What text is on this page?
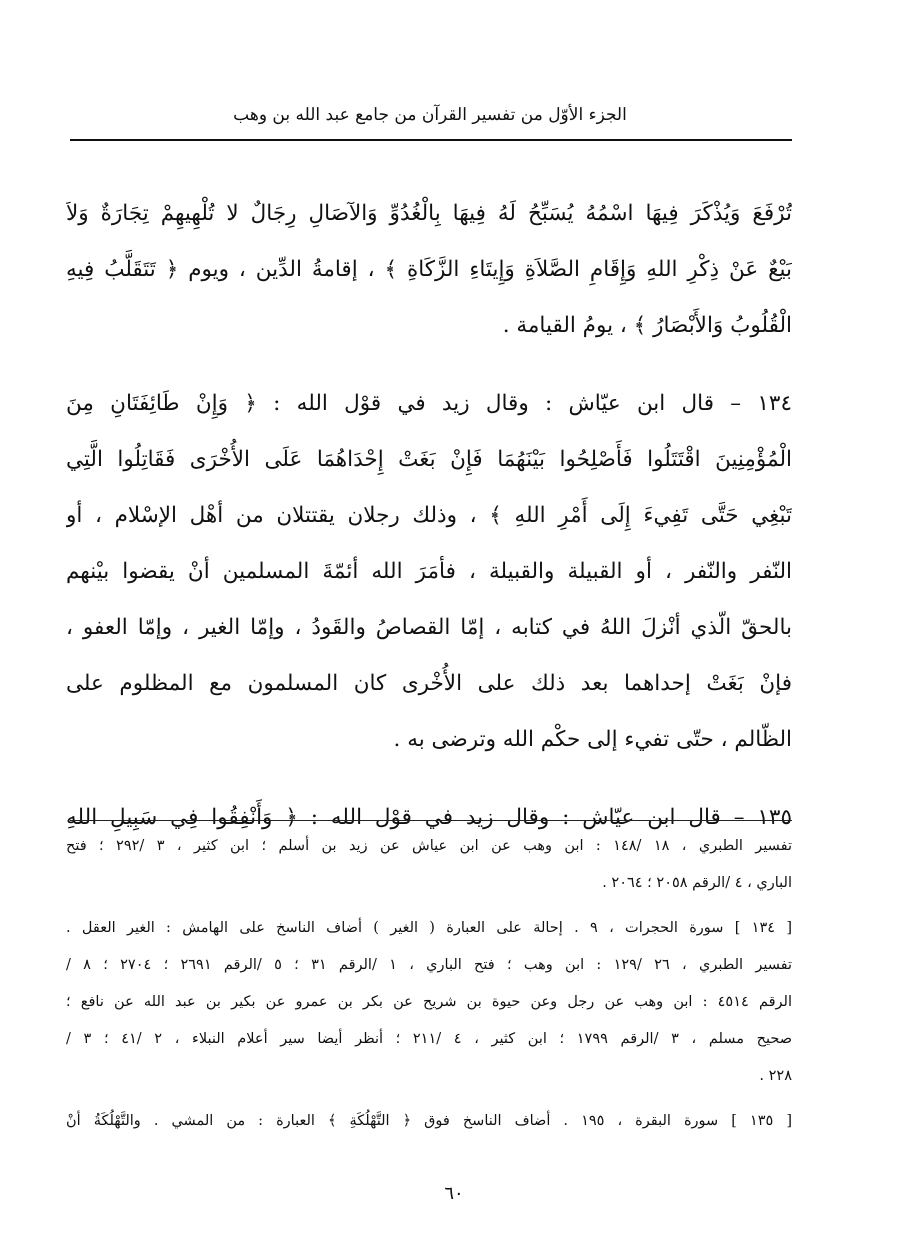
الجزء الأوّل من تفسير القرآن من جامع عبد الله بن وهب
تُرْفَعَ وَيُذْكَرَ فِيهَا اسْمُهُ يُسَبِّحُ لَهُ فِيهَا بِالْغُدُوِّ وَالآصَالِ رِجَالٌ لا تُلْهِيهِمْ تِجَارَةٌ وَلاَ
بَيْعٌ عَنْ ذِكْرِ اللهِ وَإِقَامِ الصَّلاَةِ وَإِيتَاءِ الزَّكَاةِ ﴾ ، إقامةُ الدِّين ، ويوم ﴿ تَتَقَلَّبُ فِيهِ
الْقُلُوبُ وَالأَبْصَارُ ﴾ ، يومُ القيامة .
١٣٤ – قال ابن عيّاش : وقال زيد في قوْل الله : ﴿ وَإِنْ طَائِفَتَانِ مِنَ
الْمُؤْمِنِينَ اقْتَتَلُوا فَأَصْلِحُوا بَيْنَهُمَا فَإِنْ بَغَتْ إِحْدَاهُمَا عَلَى الأُخْرَى فَقَاتِلُوا الَّتِي
تَبْغِي حَتَّى تَفِيءَ إِلَى أَمْرِ اللهِ ﴾ ، وذلك رجلان يقتتلان من أهْل الإسْلام ، أو
النّفر والنّفر ، أو القبيلة والقبيلة ، فأمَرَ الله أئمّةَ المسلمين أنْ يقضوا بيْنهم
بالحقّ الّذي أنْزلَ اللهُ في كتابه ، إمّا القصاصُ والقَودُ ، وإمّا الغير ، وإمّا العفو ،
فإنْ بَغَتْ إحداهما بعد ذلك على الأُخْرى كان المسلمون مع المظلوم على
الظّالم ، حتّى تفيء إلى حكْم الله وترضى به .
١٣٥ – قال ابن عيّاش : وقال زيد في قوْل الله : ﴿ وَأَنْفِقُوا فِي سَبِيلِ اللهِ
تفسير الطبري ، ١٨ /١٤٨ : ابن وهب عن ابن عياش عن زيد بن أسلم ؛ ابن كثير ، ٣ /٢٩٢ ؛ فتح
الباري ، ٤ /الرقم ٢٠٥٨ ؛ ٢٠٦٤ .
[ ١٣٤ ] سورة الحجرات ، ٩ . إحالة على العبارة ( الغير ) أضاف الناسخ على الهامش : الغير العقل .
تفسير الطبري ، ٢٦ /١٢٩ : ابن وهب ؛ فتح الباري ، ١ /الرقم ٣١ ؛ ٥ /الرقم ٢٦٩١ ؛ ٢٧٠٤ ؛ ٨ /
الرقم ٤٥١٤ : ابن وهب عن رجل وعن حيوة بن شريح عن بكر بن عمرو عن بكير بن عبد الله عن نافع ؛
صحيح مسلم ، ٣ /الرقم ١٧٩٩ ؛ ابن كثير ، ٤ /٢١١ ؛ أنظر أيضا سير أعلام النبلاء ، ٢ /٤١ ؛ ٣ /
٢٢٨ .
[ ١٣٥ ] سورة البقرة ، ١٩٥ . أضاف الناسخ فوق ﴿ التَّهْلُكَةِ ﴾ العبارة : من المشي . والتَّهْلُكَةُ أنْ
٦٠
